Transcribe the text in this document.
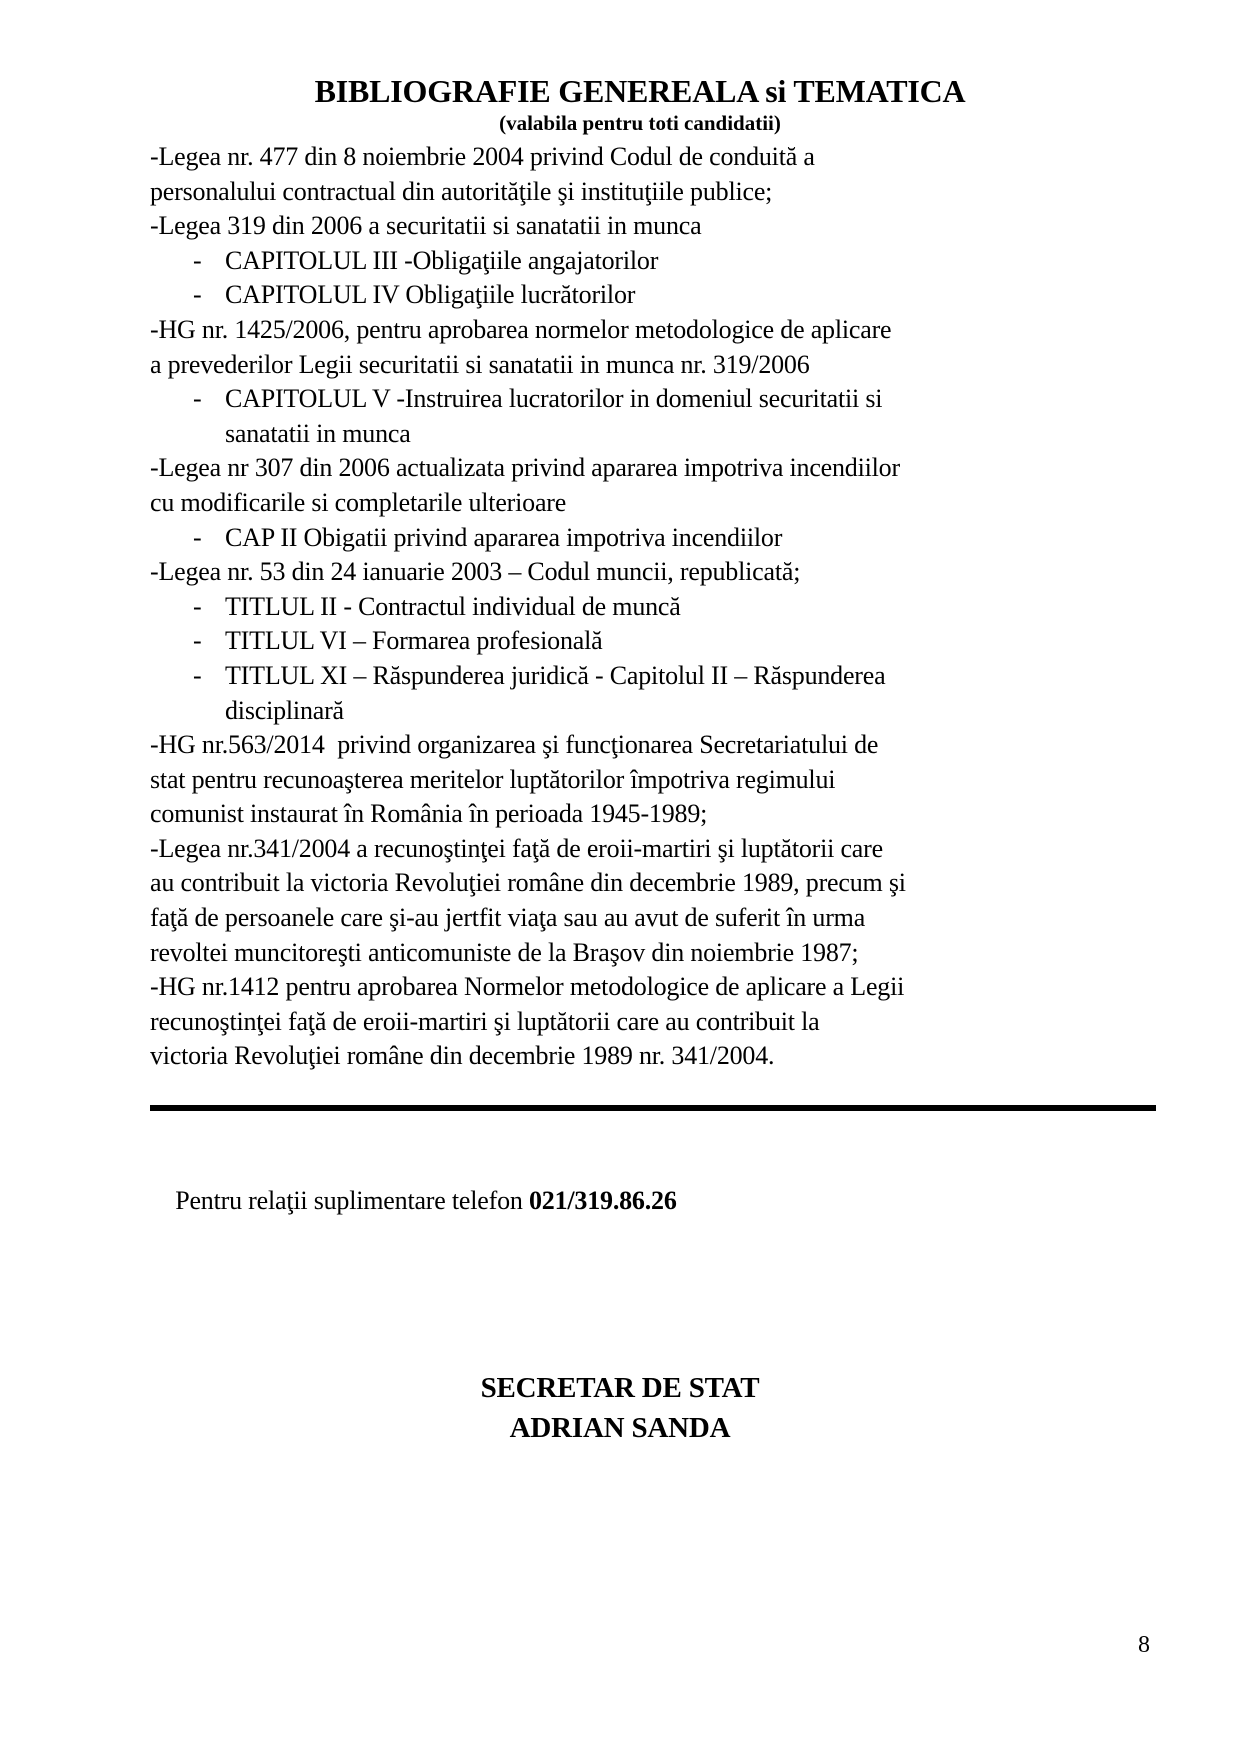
BIBLIOGRAFIE GENEREALA si TEMATICA
(valabila pentru toti candidatii)
-Legea nr. 477 din 8 noiembrie 2004 privind Codul de conduită a
personalului contractual din autorităţile şi instituţiile publice;
-Legea 319 din 2006 a securitatii si sanatatii in munca
- CAPITOLUL III -Obligaţiile angajatorilor
- CAPITOLUL IV Obligaţiile lucrătorilor
-HG nr. 1425/2006, pentru aprobarea normelor metodologice de aplicare
a prevederilor Legii securitatii si sanatatii in munca nr. 319/2006
- CAPITOLUL V -Instruirea lucratorilor in domeniul securitatii si
sanatatii in munca
-Legea nr 307 din 2006 actualizata privind apararea impotriva incendiilor
cu modificarile si completarile ulterioare
- CAP II Obigatii privind apararea impotriva incendiilor
-Legea nr. 53 din 24 ianuarie 2003 – Codul muncii, republicată;
- TITLUL II - Contractul individual de muncă
- TITLUL VI – Formarea profesională
- TITLUL XI – Răspunderea juridică - Capitolul II – Răspunderea
disciplinară
-HG nr.563/2014  privind organizarea şi funcţionarea Secretariatului de
stat pentru recunoaşterea meritelor luptătorilor împotriva regimului
comunist instaurat în România în perioada 1945-1989;
-Legea nr.341/2004 a recunoştinţei faţă de eroii-martiri şi luptătorii care
au contribuit la victoria Revoluţiei române din decembrie 1989, precum şi
faţă de persoanele care şi-au jertfit viaţa sau au avut de suferit în urma
revoltei muncitoreşti anticomuniste de la Braşov din noiembrie 1987;
-HG nr.1412 pentru aprobarea Normelor metodologice de aplicare a Legii
recunoştinţei faţă de eroii-martiri şi luptătorii care au contribuit la
victoria Revoluţiei române din decembrie 1989 nr. 341/2004.

Pentru relaţii suplimentare telefon 021/319.86.26

SECRETAR DE STAT
ADRIAN SANDA
8
